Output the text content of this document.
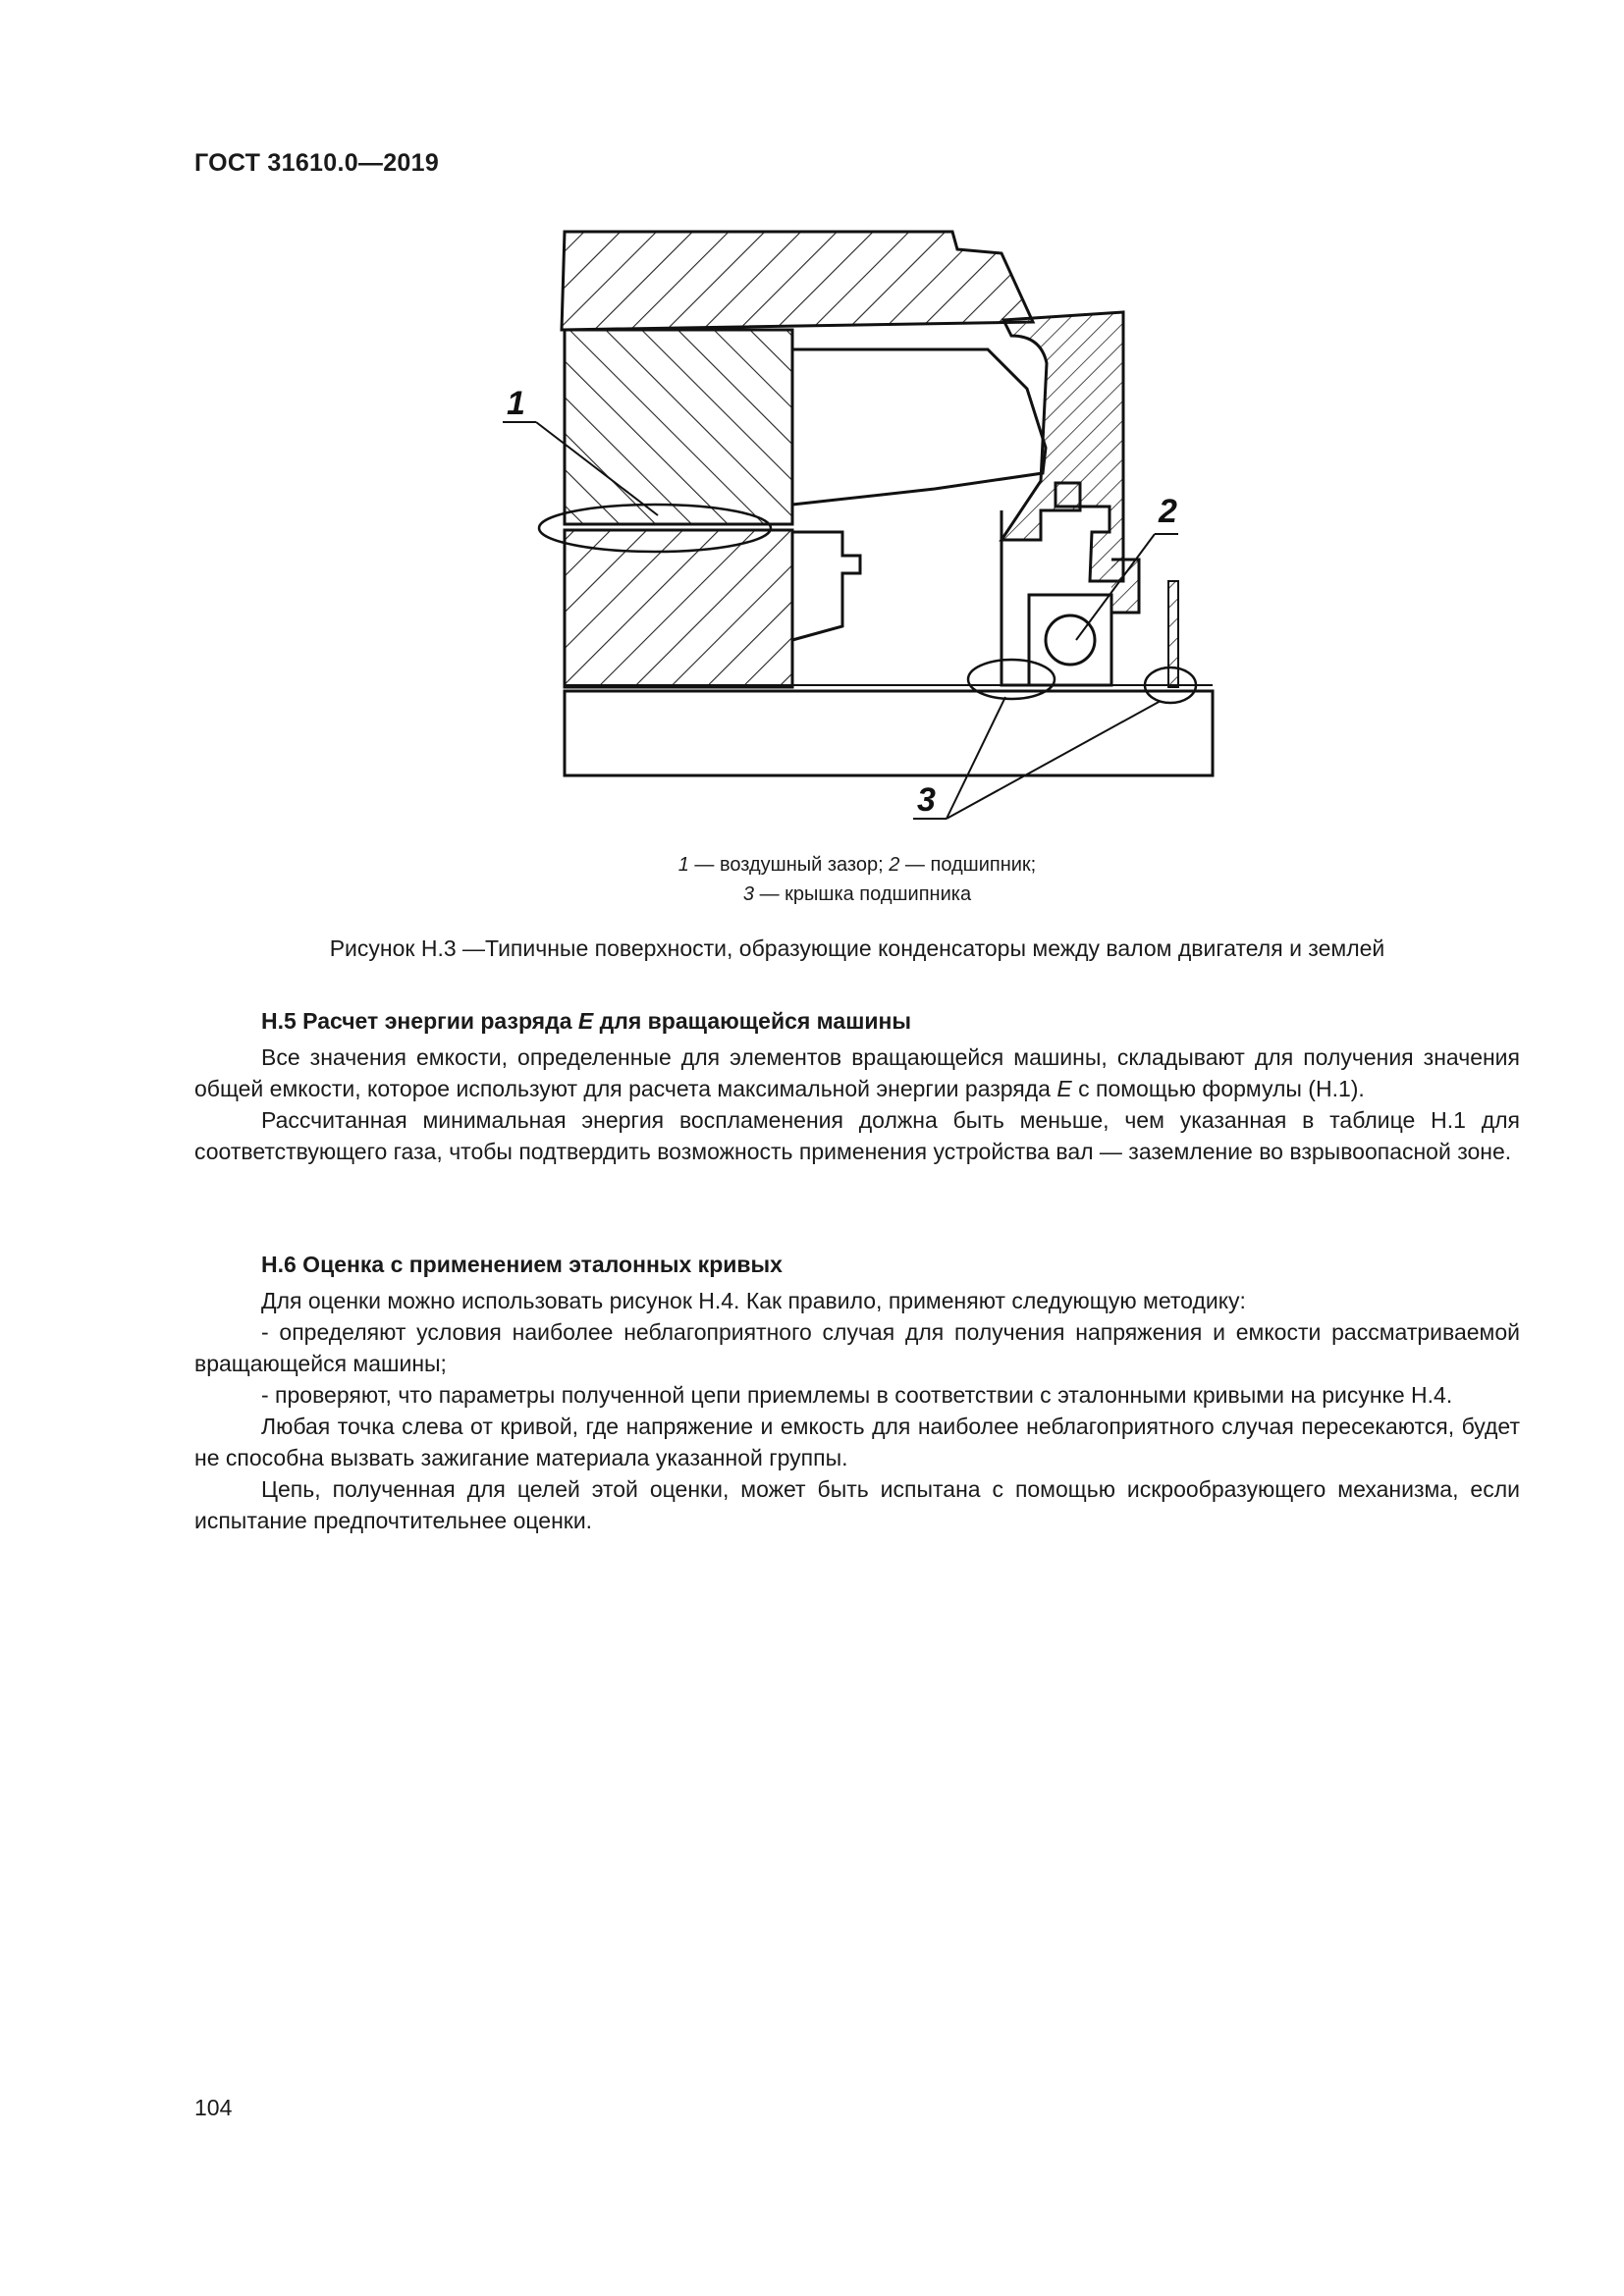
ГОСТ 31610.0—2019
1
2
3
1 — воздушный зазор; 2 — подшипник;
3 — крышка подшипника
Рисунок Н.3 —Типичные поверхности, образующие конденсаторы между валом двигателя и землей

Н.5 Расчет энергии разряда E для вращающейся машины

Все значения емкости, определенные для элементов вращающейся машины, складывают для получения значения общей емкости, которое используют для расчета максимальной энергии разряда E с помощью формулы (Н.1).

Рассчитанная минимальная энергия воспламенения должна быть меньше, чем указанная в таблице Н.1 для соответствующего газа, чтобы подтвердить возможность применения устройства вал — заземление во взрывоопасной зоне.

Н.6 Оценка с применением эталонных кривых

Для оценки можно использовать рисунок Н.4. Как правило, применяют следующую методику:

- определяют условия наиболее неблагоприятного случая для получения напряжения и емкости рассматриваемой вращающейся машины;

- проверяют, что параметры полученной цепи приемлемы в соответствии с эталонными кривыми на рисунке Н.4.

Любая точка слева от кривой, где напряжение и емкость для наиболее неблагоприятного случая пересекаются, будет не способна вызвать зажигание материала указанной группы.

Цепь, полученная для целей этой оценки, может быть испытана с помощью искрообразующего механизма, если испытание предпочтительнее оценки.

104
